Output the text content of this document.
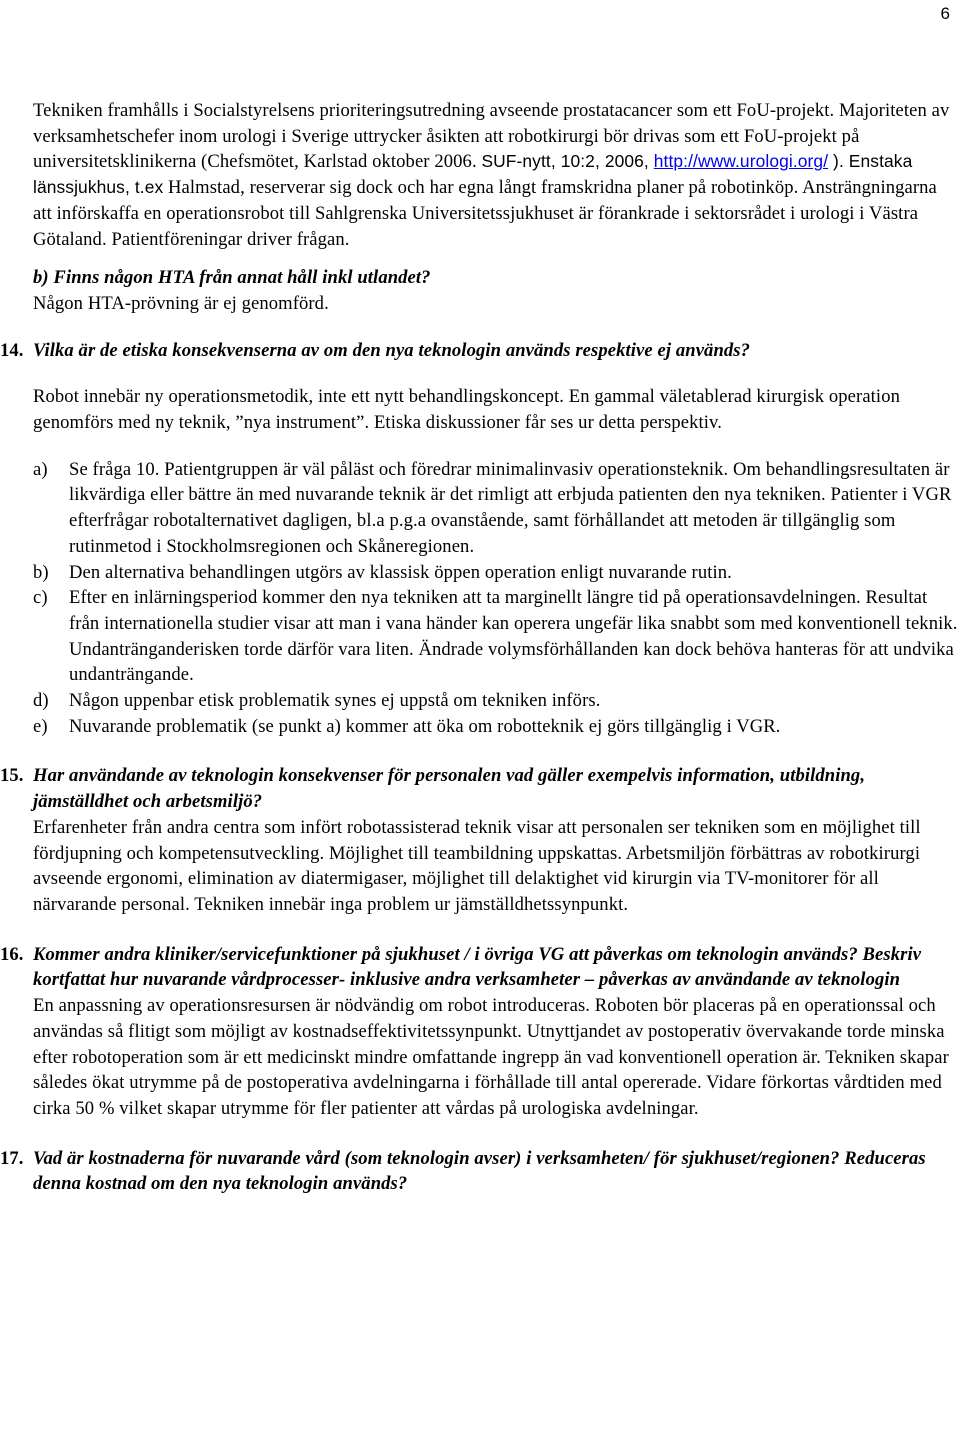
6

Tekniken framhålls i Socialstyrelsens prioriteringsutredning avseende prostatacancer som ett FoU-projekt. Majoriteten av verksamhetschefer inom urologi i Sverige uttrycker åsikten att robotkirurgi bör drivas som ett FoU-projekt på universitetsklinikerna (Chefsmötet, Karlstad oktober 2006. SUF-nytt, 10:2, 2006, http://www.urologi.org/ ). Enstaka länssjukhus, t.ex Halmstad, reserverar sig dock och har egna långt framskridna planer på robotinköp. Ansträngningarna att införskaffa en operationsrobot till Sahlgrenska Universitetssjukhuset är förankrade i sektorsrådet i urologi i Västra Götaland. Patientföreningar driver frågan.

b) Finns någon HTA från annat håll inkl utlandet?

Någon HTA-prövning är ej genomförd.

14. Vilka är de etiska konsekvenserna av om den nya teknologin används respektive ej används?

Robot innebär ny operationsmetodik, inte ett nytt behandlingskoncept. En gammal väletablerad kirurgisk operation genomförs med ny teknik, ”nya instrument”. Etiska diskussioner får ses ur detta perspektiv.

a)	Se fråga 10. Patientgruppen är väl påläst och föredrar minimalinvasiv operationsteknik. Om behandlingsresultaten är likvärdiga eller bättre än med nuvarande teknik är det rimligt att erbjuda patienten den nya tekniken. Patienter i VGR efterfrågar robotalternativet dagligen, bl.a p.g.a ovanstående, samt förhållandet att metoden är tillgänglig som rutinmetod i Stockholmsregionen och Skåneregionen.
b)	Den alternativa behandlingen utgörs av klassisk öppen operation enligt nuvarande rutin.
c)	Efter en inlärningsperiod kommer den nya tekniken att ta marginellt längre tid på operationsavdelningen. Resultat från internationella studier visar att man i vana händer kan operera ungefär lika snabbt som med konventionell teknik. Undantränganderisken torde därför vara liten. Ändrade volymsförhållanden kan dock behöva hanteras för att undvika undanträngande.
d)	Någon uppenbar etisk problematik synes ej uppstå om tekniken införs.
e)	Nuvarande problematik (se punkt a) kommer att öka om robotteknik ej görs tillgänglig i VGR.

15. Har användande av teknologin konsekvenser för personalen vad gäller exempelvis information, utbildning, jämställdhet och arbetsmiljö?

Erfarenheter från andra centra som infört robotassisterad teknik visar att personalen ser tekniken som en möjlighet till fördjupning och kompetensutveckling. Möjlighet till teambildning uppskattas. Arbetsmiljön förbättras av robotkirurgi avseende ergonomi, elimination av diatermigaser, möjlighet till delaktighet vid kirurgin via TV-monitorer för all närvarande personal. Tekniken innebär inga problem ur jämställdhetssynpunkt.

16. Kommer andra kliniker/servicefunktioner på sjukhuset / i övriga VG att påverkas om teknologin används? Beskriv kortfattat hur nuvarande vårdprocesser- inklusive andra verksamheter – påverkas av användande av teknologin

En anpassning av operationsresursen är nödvändig om robot introduceras. Roboten bör placeras på en operationssal och användas så flitigt som möjligt av kostnadseffektivitetssynpunkt. Utnyttjandet av postoperativ övervakande torde minska efter robotoperation som är ett medicinskt mindre omfattande ingrepp än vad konventionell operation är. Tekniken skapar således ökat utrymme på de postoperativa avdelningarna i förhållade till antal opererade. Vidare förkortas vårdtiden med cirka 50 % vilket skapar utrymme för fler patienter att vårdas på urologiska avdelningar.

17. Vad är kostnaderna för nuvarande vård (som teknologin avser) i verksamheten/ för sjukhuset/regionen? Reduceras denna kostnad om den nya teknologin används?
